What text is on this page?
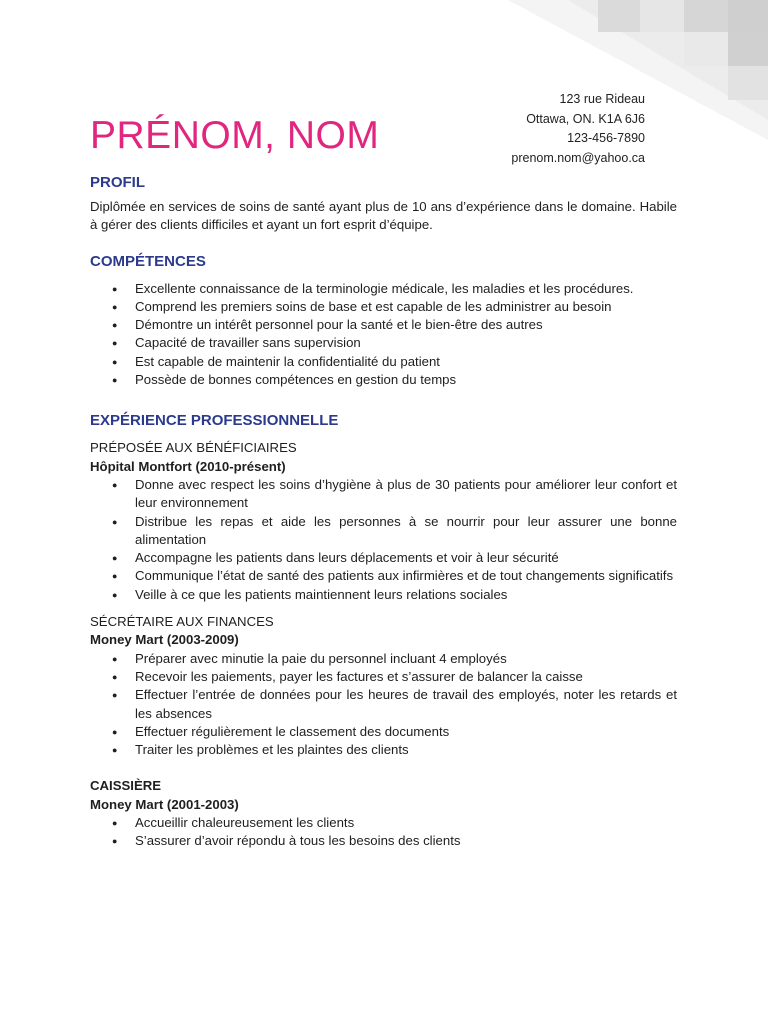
PRÉNOM, NOM
123 rue Rideau
Ottawa, ON. K1A 6J6
123-456-7890
prenom.nom@yahoo.ca
PROFIL

Diplômée en services de soins de santé ayant plus de 10 ans d’expérience dans le domaine. Habile à gérer des clients difficiles et ayant un fort esprit d’équipe.

COMPÉTENCES
● Excellente connaissance de la terminologie médicale, les maladies et les procédures.
● Comprend les premiers soins de base et est capable de les administrer au besoin
● Démontre un intérêt personnel pour la santé et le bien-être des autres
● Capacité de travailler sans supervision
● Est capable de maintenir la confidentialité du patient
● Possède de bonnes compétences en gestion du temps
EXPÉRIENCE PROFESSIONNELLE

PRÉPOSÉE AUX BÉNÉFICIAIRES

Hôpital Montfort (2010-présent)

● Donne avec respect les soins d’hygiène à plus de 30 patients pour améliorer leur confort et leur environnement
● Distribue les repas et aide les personnes à se nourrir pour leur assurer une bonne alimentation
● Accompagne les patients dans leurs déplacements et voir à leur sécurité
● Communique l’état de santé des patients aux infirmières et de tout changements significatifs
● Veille à ce que les patients maintiennent leurs relations sociales

SÉCRÉTAIRE AUX FINANCES

Money Mart (2003-2009)

● Préparer avec minutie la paie du personnel incluant 4 employés
● Recevoir les paiements, payer les factures et s’assurer de balancer la caisse
● Effectuer l’entrée de données pour les heures de travail des employés, noter les retards et les absences
● Effectuer régulièrement le classement des documents
● Traiter les problèmes et les plaintes des clients

CAISSIÈRE

Money Mart (2001-2003)

● Accueillir chaleureusement les clients
● S’assurer d’avoir répondu à tous les besoins des clients
